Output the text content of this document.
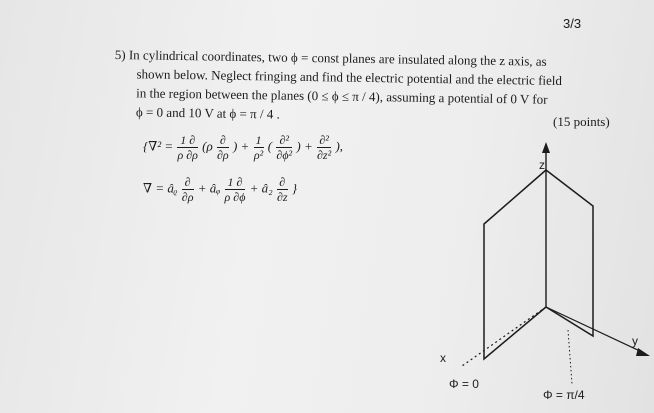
3/3
5) In cylindrical coordinates, two ϕ = const planes are insulated along the z axis, as
shown below. Neglect fringing and find the electric potential and the electric field
in the region between the planes (0 ≤ ϕ ≤ π / 4), assuming a potential of 0 V for
ϕ = 0 and 10 V at ϕ = π / 4 .	(15 points)
{$\nabla^2 = \frac{1 \partial}{\rho \partial\rho} (\rho \frac{\partial}{\partial\rho}$ ) + $\frac{1}{\text{ρ²}}$ ( $\frac{\text{∂²}}{\text{∂ϕ²}}$ ) + $\frac{\text{∂²}}{\text{∂z²}}$ ),
∇ = âᵨ $\frac{\partial}{\partial\rho}$ + âᵩ $\frac{1 \partial}{\rho \partial\phi}$ + â₂ $\frac{\partial}{\partial z}$ }
z
x
y
Φ = 0
Φ = π/4
